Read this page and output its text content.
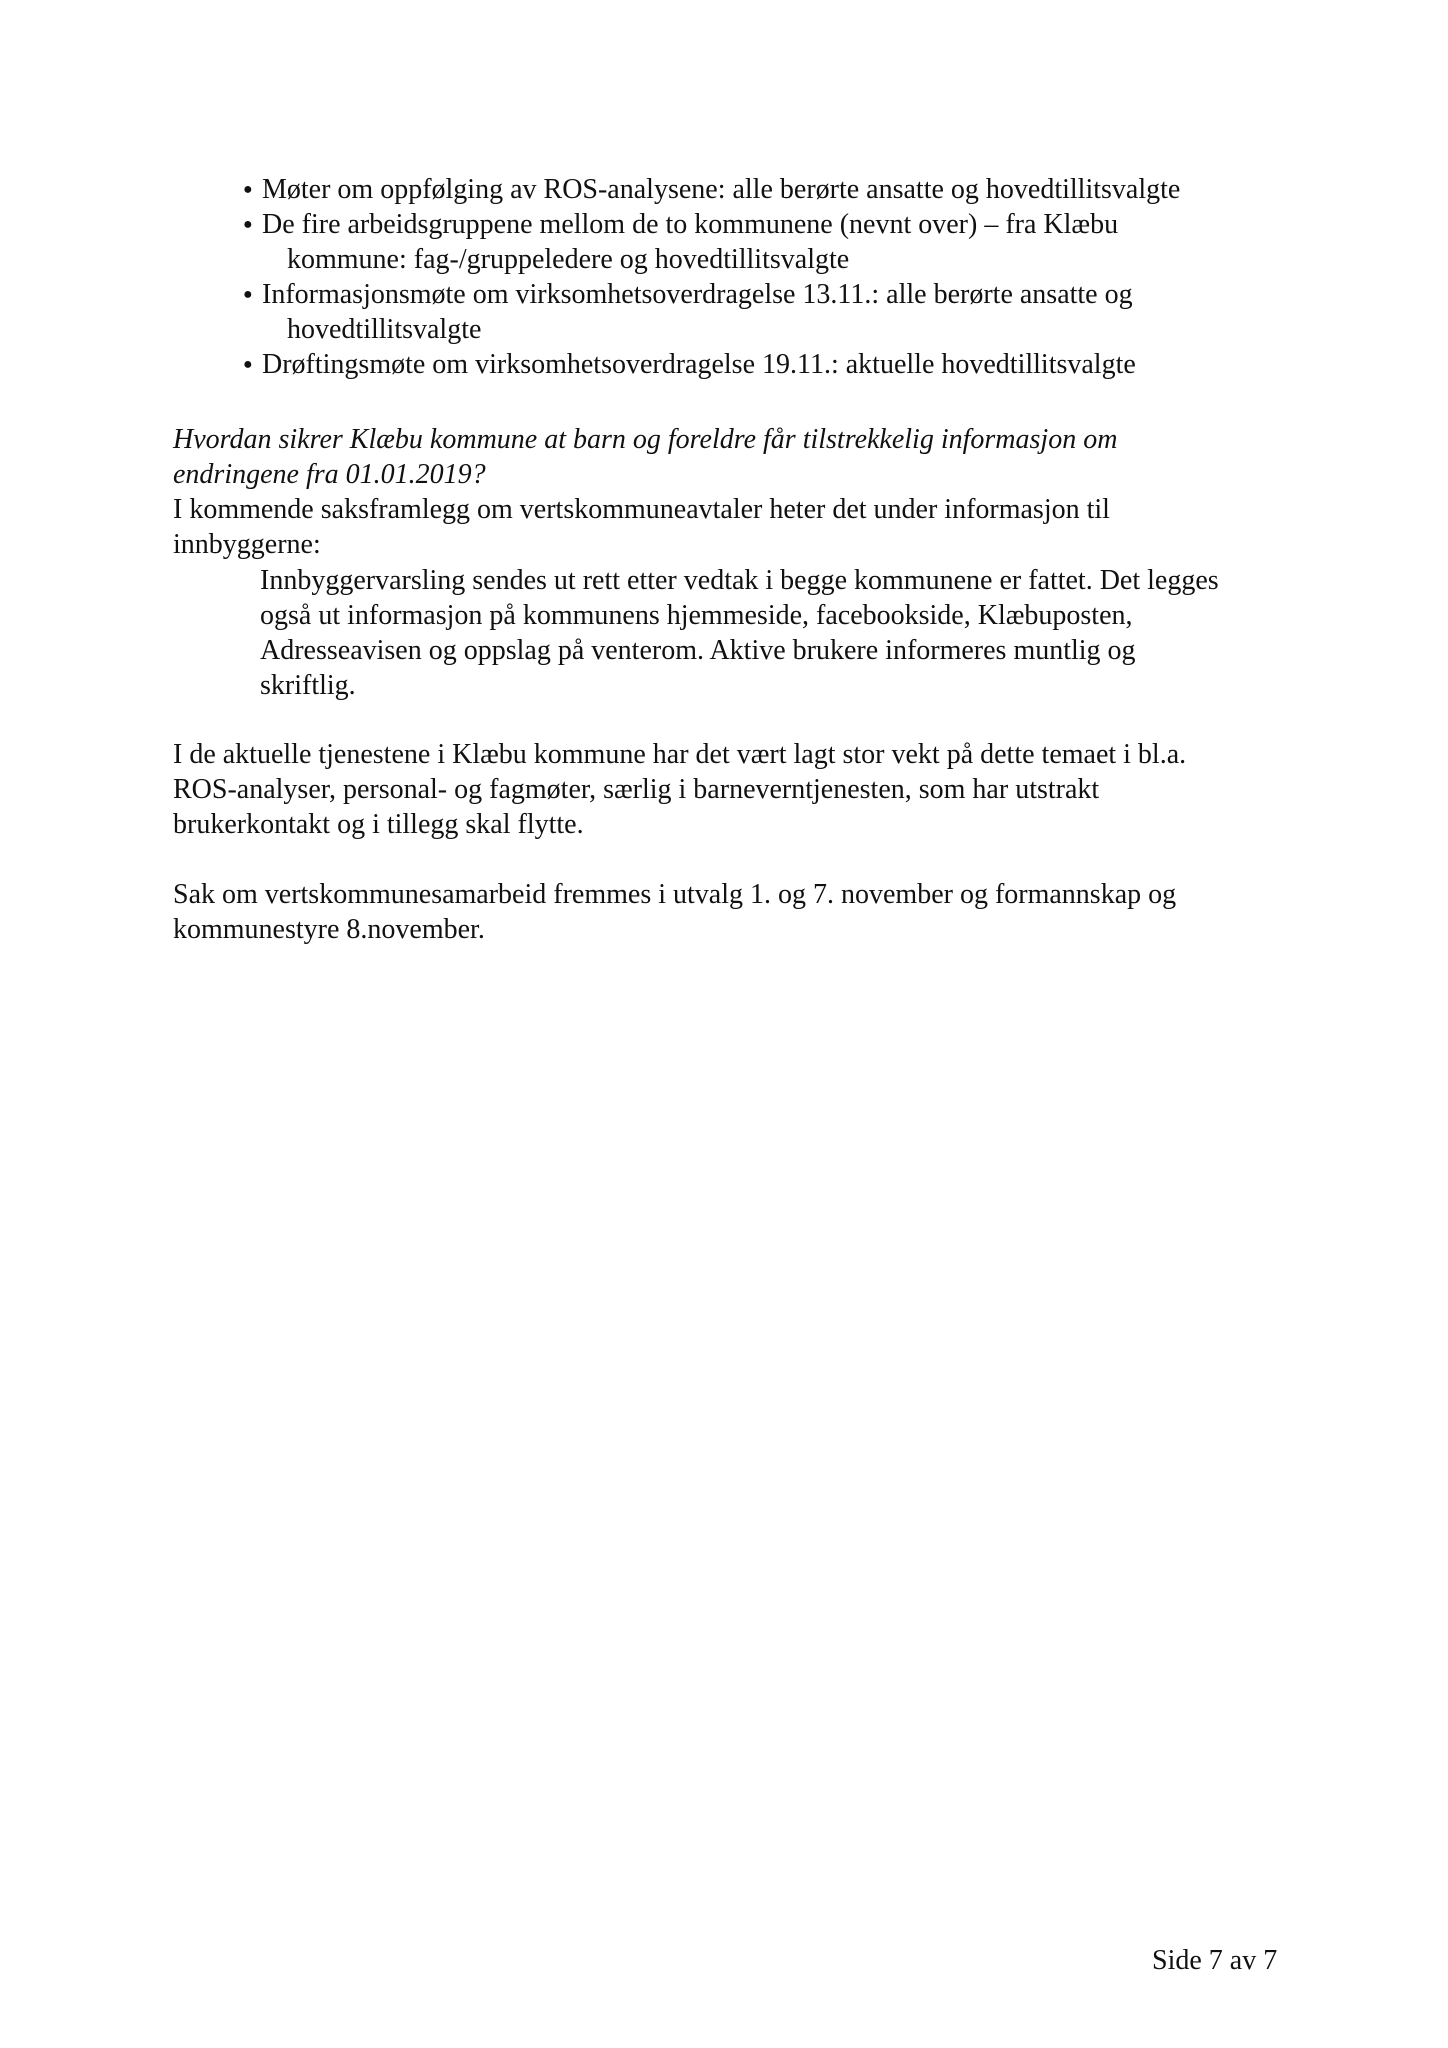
● Møter om oppfølging av ROS-analysene: alle berørte ansatte og hovedtillitsvalgte
● De fire arbeidsgruppene mellom de to kommunene (nevnt over) – fra Klæbu
kommune: fag-/gruppeledere og hovedtillitsvalgte
● Informasjonsmøte om virksomhetsoverdragelse 13.11.: alle berørte ansatte og
hovedtillitsvalgte
● Drøftingsmøte om virksomhetsoverdragelse 19.11.: aktuelle hovedtillitsvalgte

Hvordan sikrer Klæbu kommune at barn og foreldre får tilstrekkelig informasjon om
endringene fra 01.01.2019?

I kommende saksframlegg om vertskommuneavtaler heter det under informasjon til
innbyggerne:

Innbyggervarsling sendes ut rett etter vedtak i begge kommunene er fattet. Det legges
også ut informasjon på kommunens hjemmeside, facebookside, Klæbuposten,
Adresseavisen og oppslag på venterom. Aktive brukere informeres muntlig og
skriftlig.

I de aktuelle tjenestene i Klæbu kommune har det vært lagt stor vekt på dette temaet i bl.a.
ROS-analyser, personal- og fagmøter, særlig i barneverntjenesten, som har utstrakt
brukerkontakt og i tillegg skal flytte.

Sak om vertskommunesamarbeid fremmes i utvalg 1. og 7. november og formannskap og
kommunestyre 8.november.

Side 7 av 7
